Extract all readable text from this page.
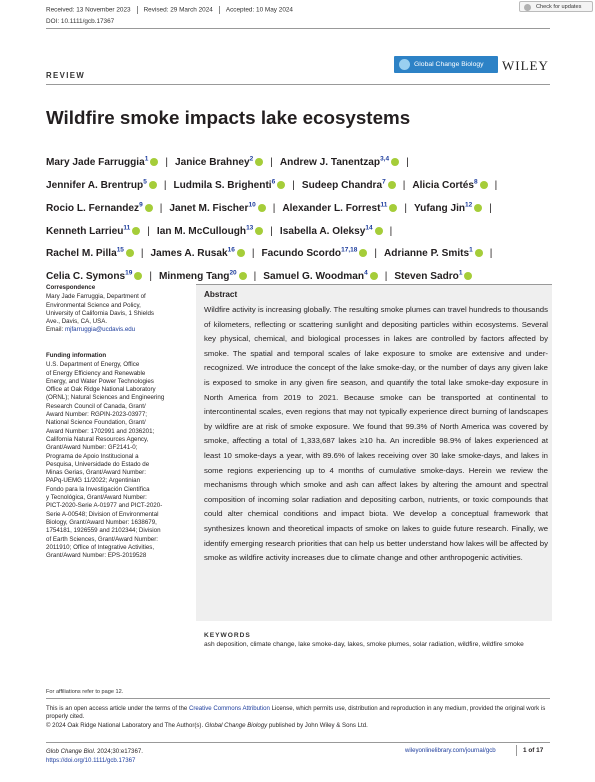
Received: 13 November 2023 Revised: 29 March 2024 Accepted: 10 May 2024
DOI: 10.1111/gcb.17367
Check for updates
REVIEW
Global Change Biology	WILEY
Wildfire smoke impacts lake ecosystems
Mary Jade Farruggia$^1$ | Janice Brahney$^2$ | Andrew J. Tanentzap$^{3,4}$ |
Jennifer A. Brentrup$^5$ | Ludmila S. Brighenti$^6$ | Sudeep Chandra$^7$ | Alicia Cortés$^8$ |
Rocio L. Fernandez$^9$ | Janet M. Fischer$^{10}$ | Alexander L. Forrest$^{11}$ | Yufang Jin$^{12}$ |
Kenneth Larrieu$^{11}$ | Ian M. McCullough$^{13}$ | Isabella A. Oleksy$^{14}$ |
Rachel M. Pilla$^{15}$ | James A. Rusak$^{16}$ | Facundo Scordo$^{17,18}$ | Adrianne P. Smits$^1$ |
Celia C. Symons$^{19}$ | Minmeng Tang$^{20}$ | Samuel G. Woodman$^4$ | Steven Sadro$^1$
Correspondence
Mary Jade Farruggia, Department of
Environmental Science and Policy,
University of California Davis, 1 Shields
Ave., Davis, CA, USA.
Email: mjfarruggia@ucdavis.edu
Funding information
U.S. Department of Energy, Office
of Energy Efficiency and Renewable
Energy, and Water Power Technologies
Office at Oak Ridge National Laboratory
(ORNL); Natural Sciences and Engineering
Research Council of Canada, Grant/
Award Number: RGPIN-2023-03977;
National Science Foundation, Grant/
Award Number: 1702991 and 2036201;
California Natural Resources Agency,
Grant/Award Number: GF2141-0;
Programa de Apoio Institucional a
Pesquisa, Universidade do Estado de
Minas Gerias, Grant/Award Number:
PAPq-UEMG 11/2022; Argentinian
Fondo para la Investigación Científica
y Tecnológica, Grant/Award Number:
PICT-2020-Serie A-01977 and PICT-2020-
Serie A-00548; Division of Environmental
Biology, Grant/Award Number: 1638679,
1754181, 1926559 and 2102344; Division
of Earth Sciences, Grant/Award Number:
2011910; Office of Integrative Activities,
Grant/Award Number: EPS-2019528
Abstract
Wildfire activity is increasing globally. The resulting smoke plumes can travel hundreds to thousands of kilometers, reflecting or scattering sunlight and depositing particles within ecosystems. Several key physical, chemical, and biological processes in lakes are controlled by factors affected by smoke. The spatial and temporal scales of lake exposure to smoke are extensive and under-recognized. We introduce the concept of the lake smoke-day, or the number of days any given lake is exposed to smoke in any given fire season, and quantify the total lake smoke-day exposure in North America from 2019 to 2021. Because smoke can be transported at continental to intercontinental scales, even regions that may not typically experience direct burning of landscapes by wildfire are at risk of smoke exposure. We found that 99.3% of North America was covered by smoke, affecting a total of 1,333,687 lakes ≥10 ha. An incredible 98.9% of lakes experienced at least 10 smoke-days a year, with 89.6% of lakes receiving over 30 lake smoke-days, and lakes in some regions experiencing up to 4 months of cumulative smoke-days. Herein we review the mechanisms through which smoke and ash can affect lakes by altering the amount and spectral composition of incoming solar radiation and depositing carbon, nutrients, or toxic compounds that could alter chemical conditions and impact biota. We develop a conceptual framework that synthesizes known and theoretical impacts of smoke on lakes to guide future research. Finally, we identify emerging research priorities that can help us better understand how lakes will be affected by smoke as wildfire activity increases due to climate change and other anthropogenic activities.
KEYWORDS
ash deposition, climate change, lake smoke-day, lakes, smoke plumes, solar radiation, wildfire, wildfire smoke
For affiliations refer to page 12.
This is an open access article under the terms of the Creative Commons Attribution License, which permits use, distribution and reproduction in any medium, provided the original work is properly cited.
© 2024 Oak Ridge National Laboratory and The Author(s). Global Change Biology published by John Wiley & Sons Ltd.
Glob Change Biol. 2024;30:e17367.
https://doi.org/10.1111/gcb.17367
wileyonlinelibrary.com/journal/gcb	1 of 17
